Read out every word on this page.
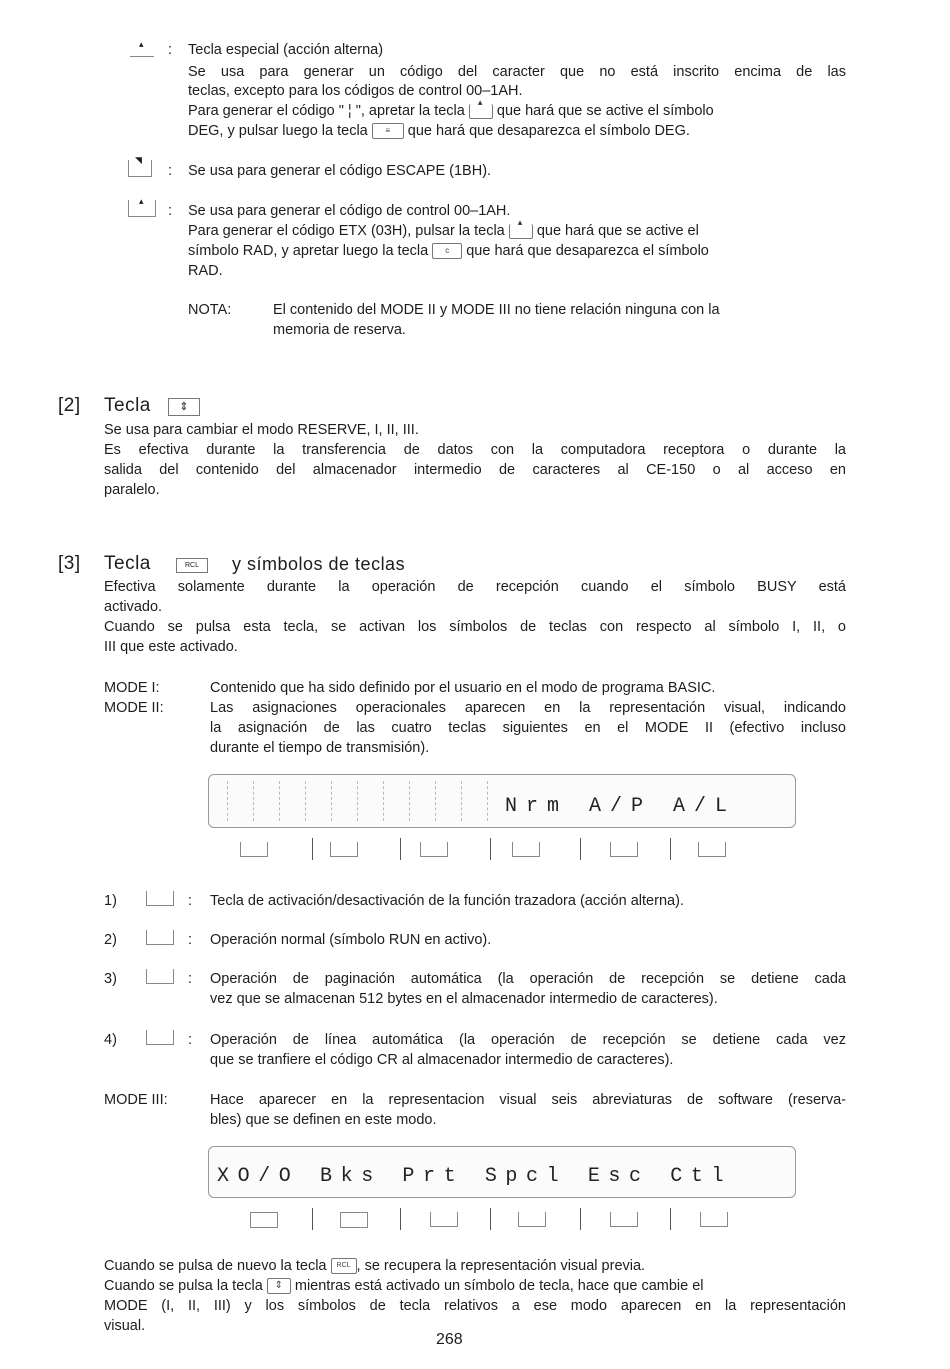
▴ : Tecla especial (acción alterna)
Se usa para generar un código del caracter que no está inscrito encima de las
teclas, excepto para los códigos de control 00–1AH.
Para generar el código " ¦ ", apretar la tecla
▴
que hará que se active el símbolo
DEG, y pulsar luego la tecla ≡ que hará que desaparezca el símbolo DEG.
◥
: Se usa para generar el código ESCAPE (1BH).
▴
: Se usa para generar el código de control 00–1AH.
Para generar el código ETX (03H), pulsar la tecla
▴
que hará que se active el
símbolo RAD, y apretar luego la tecla c que hará que desaparezca el símbolo
RAD.
NOTA:	El contenido del MODE II y MODE III no tiene relación ninguna con la
memoria de reserva.
[2] Tecla	⇕
Se usa para cambiar el modo RESERVE, I, II, III.
Es efectiva durante la transferencia de datos con la computadora receptora o durante la
salida del contenido del almacenador intermedio de caracteres al CE-150 o al acceso en
paralelo.
[3] Tecla	RCL	y símbolos de teclas
Efectiva solamente durante la operación de recepción cuando el símbolo BUSY está
activado.
Cuando se pulsa esta tecla, se activan los símbolos de teclas con respecto al símbolo I, II, o
III que este activado.
MODE I:	Contenido que ha sido definido por el usuario en el modo de programa BASIC.
MODE II:	Las asignaciones operacionales aparecen en la representación visual, indicando
la asignación de las cuatro teclas siguientes en el MODE II (efectivo incluso
durante el tiempo de transmisión).
Nrm A/P A/L
1)	: Tecla de activación/desactivación de la función trazadora (acción alterna).
2)	: Operación normal (símbolo RUN en activo).
3)	: Operación de paginación automática (la operación de recepción se detiene cada
vez que se almacenan 512 bytes en el almacenador intermedio de caracteres).
4)	: Operación de línea automática (la operación de recepción se detiene cada vez
que se tranfiere el código CR al almacenador intermedio de caracteres).
MODE III:	Hace aparecer en la representacion visual seis abreviaturas de software (reserva-
bles) que se definen en este modo.
XO/O Bks Prt Spcl Esc Ctl
Cuando se pulsa de nuevo la tecla RCL , se recupera la representación visual previa.
Cuando se pulsa la tecla ⇕ mientras está activado un símbolo de tecla, hace que cambie el
MODE (I, II, III) y los símbolos de tecla relativos a ese modo aparecen en la representación
visual.
268
